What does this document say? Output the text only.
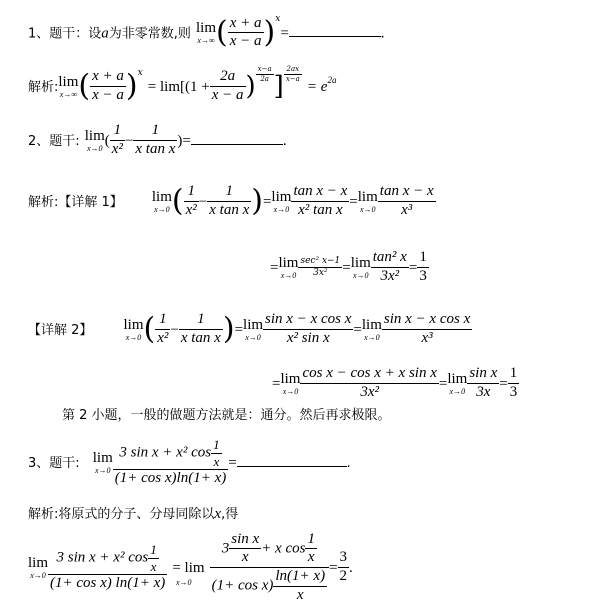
1、题干：设a为非零常数,则 lim
x→∞ ( $\frac{x + a}{x - a} )^x=$	.
解析: lim
x→∞ ( $\frac{x + a}{x - a} )^x = \lim[(1 + \frac{2a}{x - a}$ ) $\frac{x-a}{2a}$ ] $\frac{2ax}{x-a}$
= $e^{2a}$
2、题干: lim
x→0 ( $\frac{1}{\text{x²}} - \frac{1}{\text{x tan x}}$ )=	.
解析:【详解 1】 lim
x→0 ( $\frac{1}{\text{x²}} - \frac{1}{\text{x tan x}}$ )= lim
$x\to 0 \frac{\text{tan x − x}}{\text{x² tan x}} = \lim$
$x\to 0 \frac{\text{tan x − x}}{\text{x³}}$
= lim
$x\to 0 \frac{\text{sec² x−1}}{\text{3x²}} = \lim$
$x\to 0 \frac{\text{tan² x}}{\text{3x²}} = \frac{1}{3}$
【详解 2】 lim
x→0 ( $\frac{1}{\text{x²}} - \frac{1}{\text{x tan x}}$ )= lim
$x\to 0 \frac{\text{sin x − x cos x}}{\text{x² sin x}} = \lim$
$x\to 0 \frac{\text{sin x − x cos x}}{\text{x³}}$
= lim
$x\to 0 \frac{\text{cos x − cos x + x sin x}}{\text{3x²}} = \lim$
$x\to 0 \frac{\text{sin x}}{3x} = \frac{1}{3}$
第 2 小题，一般的做题方法就是：通分。然后再求极限。
3、题干: lim
$x\to 0 \frac{3 \sin x + x^2 \cos \frac{1}{x}}{\text{(1+ cos x)ln(1+ x)}}$ =	.
解析:将原式的分子、分母同除以x,得
lim
$x\to 0 \frac{3 \sin x + x^2 \cos \frac{1}{x}}{\text{(1+ cos x) ln(1+ x)}} = \lim \frac{3 \frac{\text{sin x}}{x} + x \cos \frac{1}{x}}{(1+ \cos x) \frac{\ln(1+ x)}{x}} = \frac{3}{2}$ .
x→0
